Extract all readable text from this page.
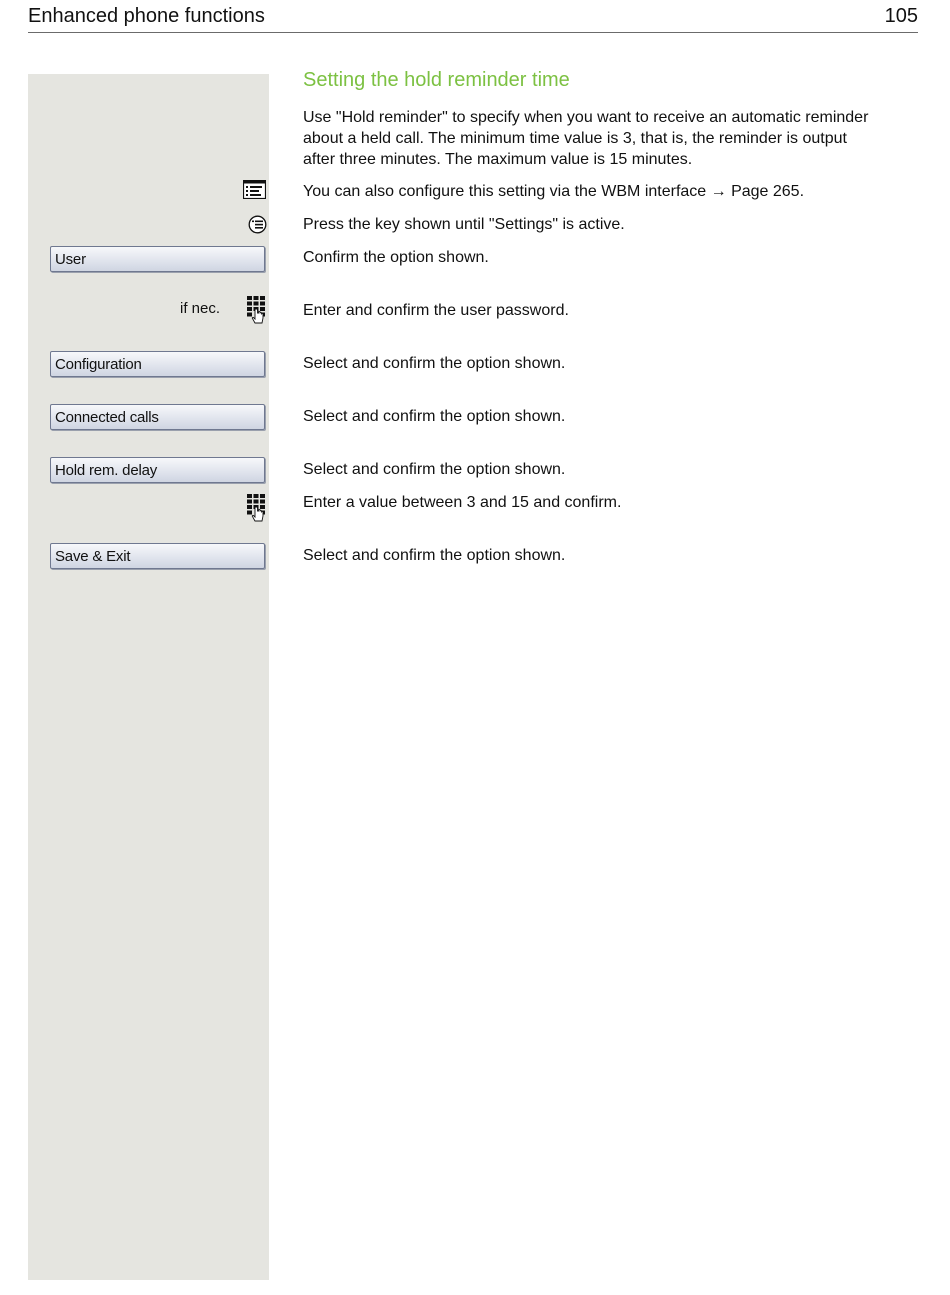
Enhanced phone functions	105
Setting the hold reminder time
Use "Hold reminder" to specify when you want to receive an automatic reminder
about a held call. The minimum time value is 3, that is, the reminder is output
after three minutes. The maximum value is 15 minutes.
You can also configure this setting via the WBM interface → Page 265.
Press the key shown until "Settings" is active.
User	Confirm the option shown.
if nec.	Enter and confirm the user password.
Configuration	Select and confirm the option shown.
Connected calls	Select and confirm the option shown.
Hold rem. delay	Select and confirm the option shown.
Enter a value between 3 and 15 and confirm.
Save & Exit	Select and confirm the option shown.
